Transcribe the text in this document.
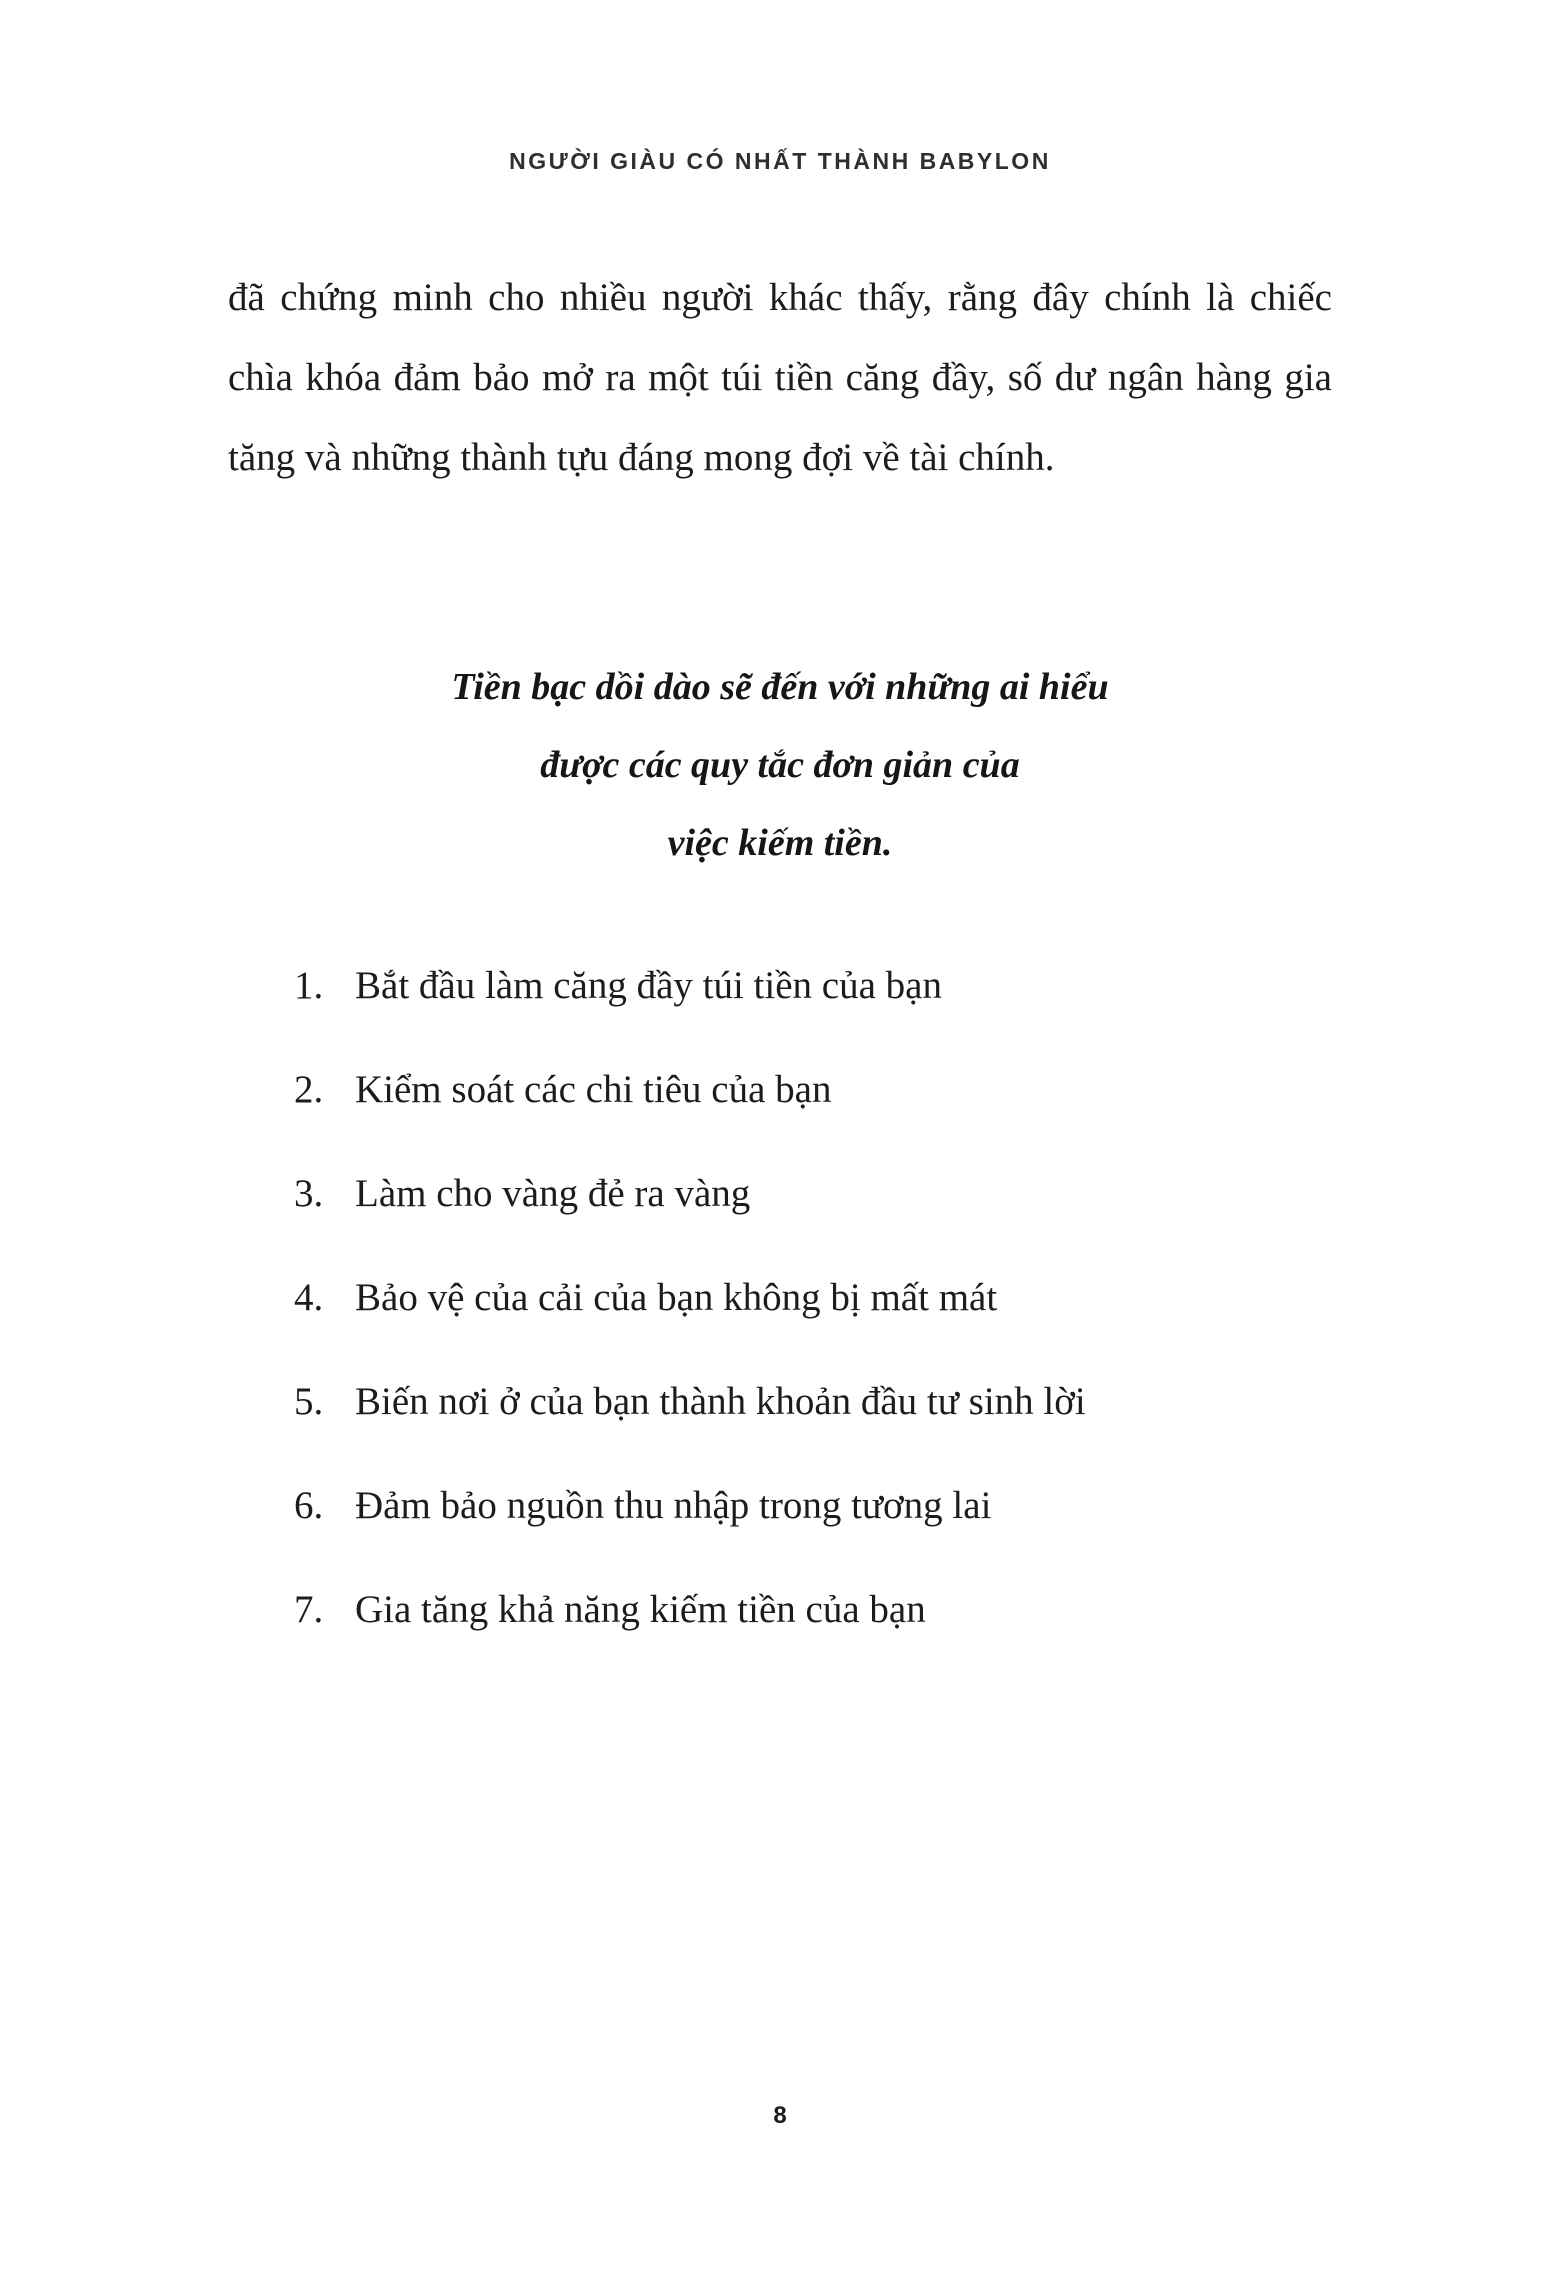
NGƯỜI GIÀU CÓ NHẤT THÀNH BABYLON
đã chứng minh cho nhiều người khác thấy, rằng đây chính là chiếc chìa khóa đảm bảo mở ra một túi tiền căng đầy, số dư ngân hàng gia tăng và những thành tựu đáng mong đợi về tài chính.
Tiền bạc dồi dào sẽ đến với những ai hiểu
được các quy tắc đơn giản của
việc kiếm tiền.
1. Bắt đầu làm căng đầy túi tiền của bạn
2. Kiểm soát các chi tiêu của bạn
3. Làm cho vàng đẻ ra vàng
4. Bảo vệ của cải của bạn không bị mất mát
5. Biến nơi ở của bạn thành khoản đầu tư sinh lời
6. Đảm bảo nguồn thu nhập trong tương lai
7. Gia tăng khả năng kiếm tiền của bạn
8
